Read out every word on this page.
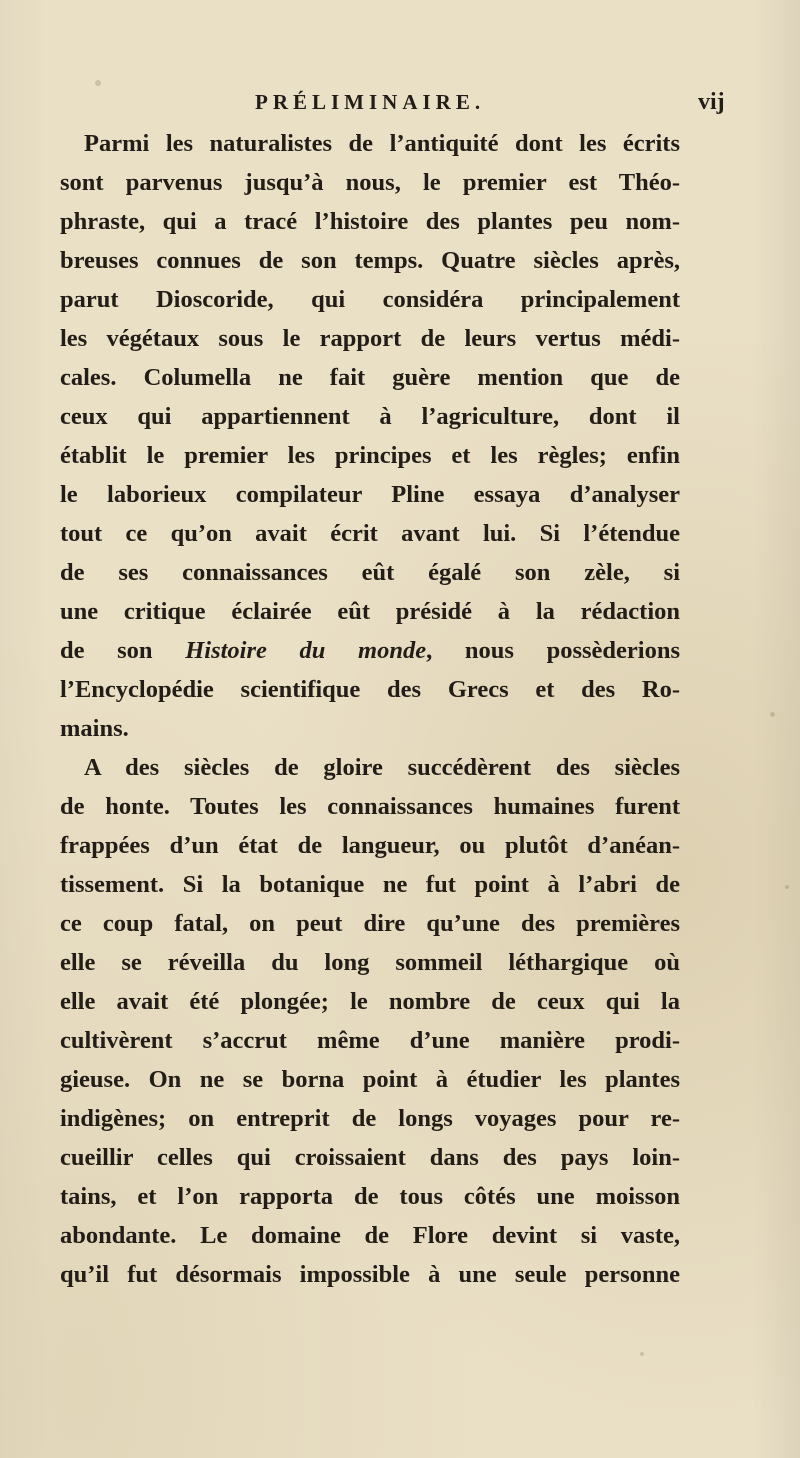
PRÉLIMINAIRE.	vij
Parmi les naturalistes de l’antiquité dont les écrits
sont parvenus jusqu’à nous, le premier est Théo-
phraste, qui a tracé l’histoire des plantes peu nom-
breuses connues de son temps. Quatre siècles après,
parut Dioscoride, qui considéra principalement
les végétaux sous le rapport de leurs vertus médi-
cales. Columella ne fait guère mention que de
ceux qui appartiennent à l’agriculture, dont il
établit le premier les principes et les règles; enfin
le laborieux compilateur Pline essaya d’analyser
tout ce qu’on avait écrit avant lui. Si l’étendue
de ses connaissances eût égalé son zèle, si
une critique éclairée eût présidé à la rédaction
de son Histoire du monde, nous possèderions
l’Encyclopédie scientifique des Grecs et des Ro-
mains.
A des siècles de gloire succédèrent des siècles
de honte. Toutes les connaissances humaines furent
frappées d’un état de langueur, ou plutôt d’anéan-
tissement. Si la botanique ne fut point à l’abri de
ce coup fatal, on peut dire qu’une des premières
elle se réveilla du long sommeil léthargique où
elle avait été plongée; le nombre de ceux qui la
cultivèrent s’accrut même d’une manière prodi-
gieuse. On ne se borna point à étudier les plantes
indigènes; on entreprit de longs voyages pour re-
cueillir celles qui croissaient dans des pays loin-
tains, et l’on rapporta de tous côtés une moisson
abondante. Le domaine de Flore devint si vaste,
qu’il fut désormais impossible à une seule personne
